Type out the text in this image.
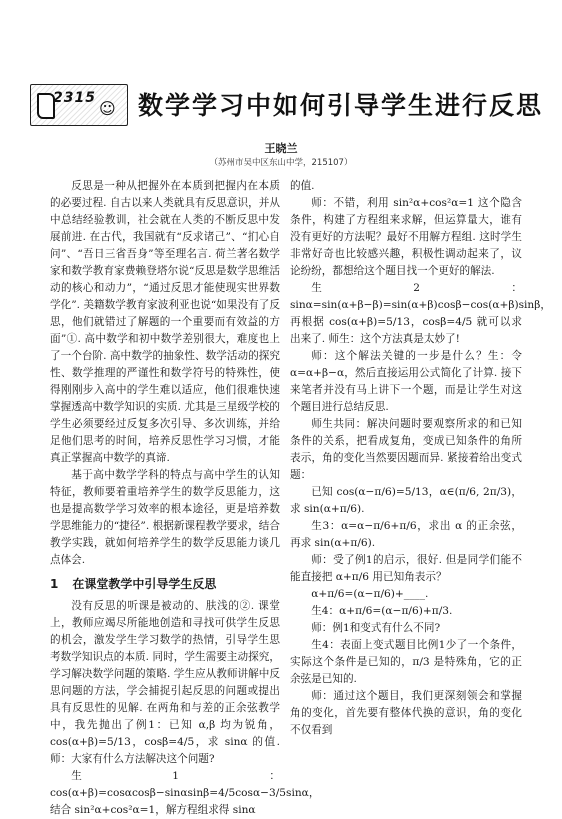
2315
☺ 数学学习中如何引导学生进行反思
王晓兰
（苏州市吴中区东山中学，215107）

反思是一种从把握外在本质到把握内在本质的必要过程. 自古以来人类就具有反思意识，并从中总结经验教训，社会就在人类的不断反思中发展前进. 在古代，我国就有“反求诸己”、“扪心自问”、“吾日三省吾身”等至理名言. 荷兰著名数学家和数学教育家费赖登塔尔说“反思是数学思维活动的核心和动力”，“通过反思才能使现实世界数学化”. 美籍数学教育家波利亚也说“如果没有了反思，他们就错过了解题的一个重要而有效益的方面”①. 高中数学和初中数学差别很大，难度也上了一个台阶. 高中数学的抽象性、数学活动的探究性、数学推理的严谨性和数学符号的特殊性，使得刚刚步入高中的学生难以适应，他们很难快速掌握透高中数学知识的实质. 尤其是三星级学校的学生必须要经过反复多次引导、多次训练，并给足他们思考的时间，培养反思性学习习惯，才能真正掌握高中数学的真谛.

基于高中数学学科的特点与高中学生的认知特征，教师要着重培养学生的数学反思能力，这也是提高数学学习效率的根本途径，更是培养数学思维能力的“捷径”. 根据新课程教学要求，结合教学实践，就如何培养学生的数学反思能力谈几点体会.

1 在课堂教学中引导学生反思

没有反思的听课是被动的、肤浅的②. 课堂上，教师应竭尽所能地创造和寻找可供学生反思的机会，激发学生学习数学的热情，引导学生思考数学知识点的本质. 同时，学生需要主动探究，学习解决数学问题的策略. 学生应从教师讲解中反思问题的方法，学会捕捉引起反思的问题或提出具有反思性的见解. 在两角和与差的正余弦教学中，我先抛出了例1：已知 α,β 均为锐角，cos(α+β)=5/13，cosβ=4/5，求 sinα 的值. 师：大家有什么方法解决这个问题?

生1：cos(α+β)=cosαcosβ−sinαsinβ=4/5cosα−3/5sinα，结合 sin²α+cos²α=1，解方程组求得 sinα

的值.

师：不错，利用 sin²α+cos²α=1 这个隐含条件，构建了方程组来求解，但运算量大，谁有没有更好的方法呢？最好不用解方程组. 这时学生非常好奇也比较感兴趣，积极性调动起来了，议论纷纷，都想给这个题目找一个更好的解法.

生2：sinα=sin(α+β−β)=sin(α+β)cosβ−cos(α+β)sinβ，再根据 cos(α+β)=5/13，cosβ=4/5 就可以求出来了. 师生：这个方法真是太妙了!

师：这个解法关键的一步是什么？生：令 α=α+β−α，然后直接运用公式简化了计算. 接下来笔者并没有马上讲下一个题，而是让学生对这个题目进行总结反思.

师生共同：解决问题时要观察所求的和已知条件的关系，把看成复角，变成已知条件的角所表示，角的变化当然要因题而异. 紧接着给出变式题：

已知 cos(α−π/6)=5/13，α∈(π/6, 2π/3)，求 sin(α+π/6).

生3：α=α−π/6+π/6，求出 α 的正余弦，再求 sin(α+π/6).

师：受了例1的启示，很好. 但是同学们能不能直接把 α+π/6 用已知角表示？

α+π/6=(α−π/6)+____.

生4：α+π/6=(α−π/6)+π/3.

师：例1和变式有什么不同?

生4：表面上变式题目比例1少了一个条件，实际这个条件是已知的，π/3 是特殊角，它的正余弦是已知的.

师：通过这个题目，我们更深刻领会和掌握角的变化，首先要有整体代换的意识，角的变化不仅看到
